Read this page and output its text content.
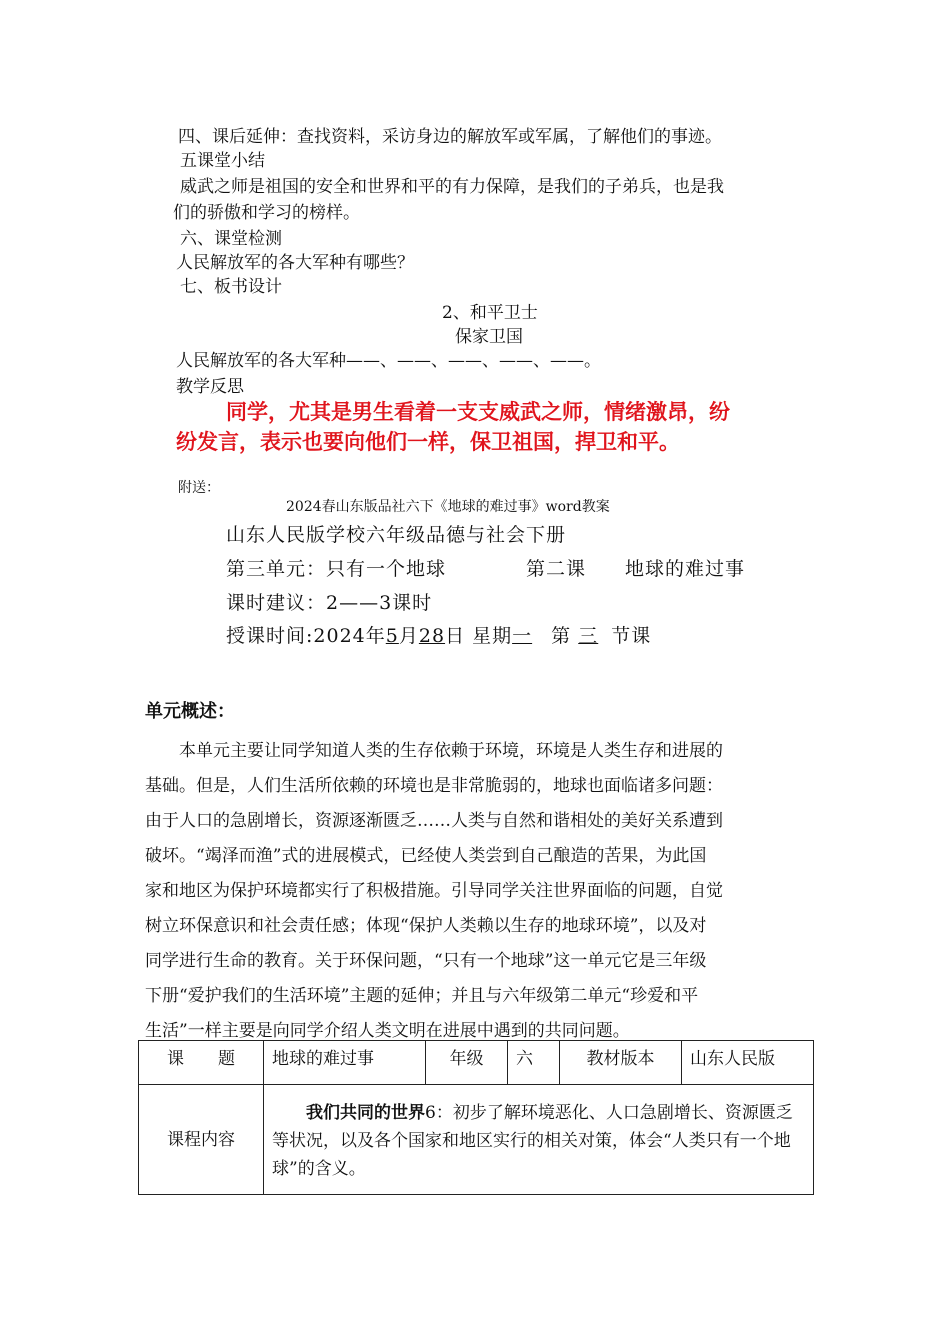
四、课后延伸：查找资料，采访身边的解放军或军属，了解他们的事迹。
五课堂小结
威武之师是祖国的安全和世界和平的有力保障，是我们的子弟兵，也是我
们的骄傲和学习的榜样。
六、课堂检测
人民解放军的各大军种有哪些？
七、板书设计
2、和平卫士
保家卫国
人民解放军的各大军种——、——、——、——、——。
教学反思
同学，尤其是男生看着一支支威武之师，情绪激昂，纷
纷发言，表示也要向他们一样，保卫祖国，捍卫和平。
附送：
2024春山东版品社六下《地球的难过事》word教案
山东人民版学校六年级品德与社会下册
第三单元：只有一个地球	第二课 地球的难过事
课时建议：2——3课时
授课时间:2024年5月28日 星期一 第 三 节课
单元概述：
本单元主要让同学知道人类的生存依赖于环境，环境是人类生存和进展的
基础。但是，人们生活所依赖的环境也是非常脆弱的，地球也面临诸多问题：
由于人口的急剧增长，资源逐渐匮乏……人类与自然和谐相处的美好关系遭到
破坏。“竭泽而渔”式的进展模式，已经使人类尝到自己酿造的苦果，为此国
家和地区为保护环境都实行了积极措施。引导同学关注世界面临的问题，自觉
树立环保意识和社会责任感；体现“保护人类赖以生存的地球环境”，以及对
同学进行生命的教育。关于环保问题，“只有一个地球”这一单元它是三年级
下册“爱护我们的生活环境”主题的延伸；并且与六年级第二单元“珍爱和平
生活”一样主要是向同学介绍人类文明在进展中遇到的共同问题。
课　　题	地球的难过事	年级	六	教材版本	山东人民版
课程内容	我们共同的世界6：初步了解环境恶化、人口急剧增长、资源匮乏等状况，以及各个国家和地区实行的相关对策，体会“人类只有一个地球”的含义。				
